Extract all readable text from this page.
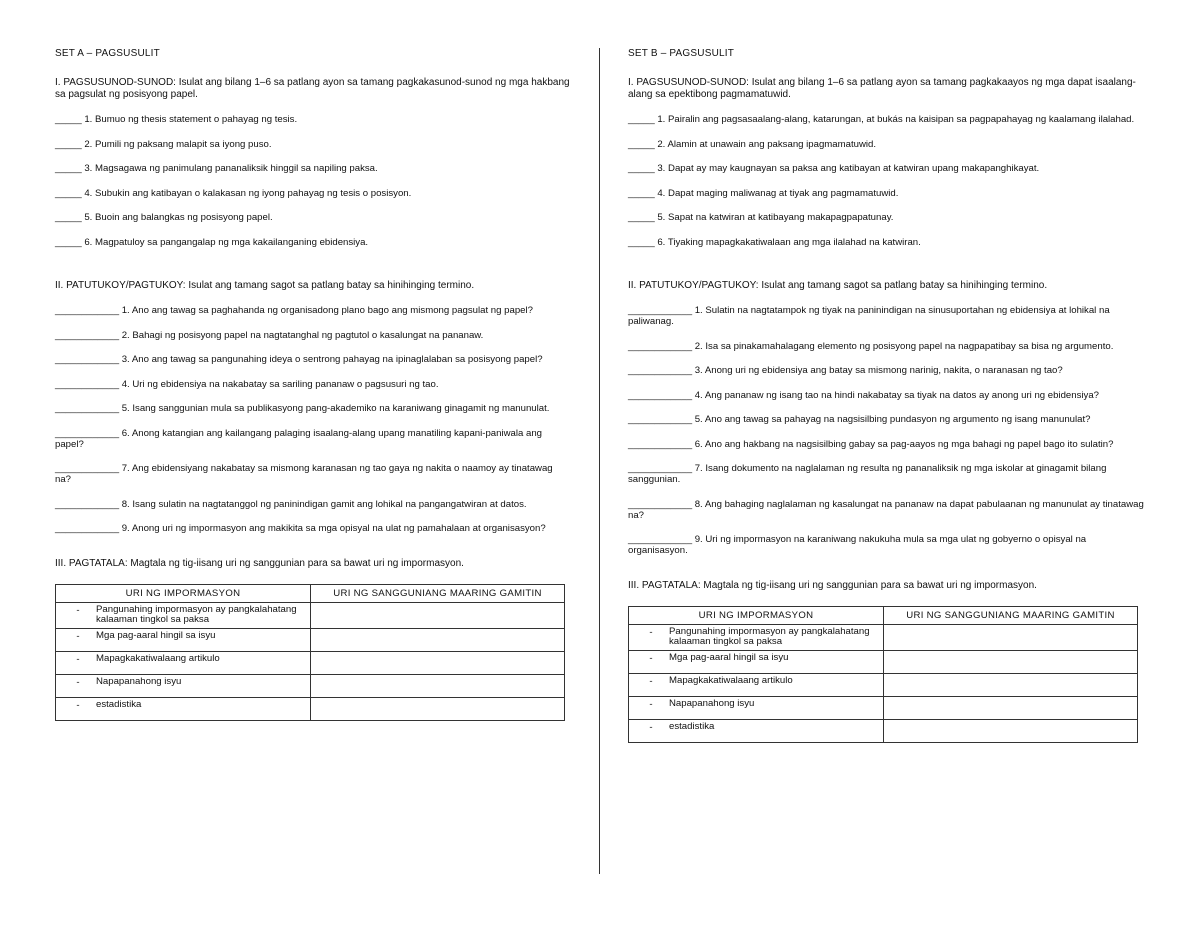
SET A – PAGSUSULIT
I. PAGSUSUNOD-SUNOD: Isulat ang bilang 1–6 sa patlang ayon sa tamang pagkakasunod-sunod ng mga hakbang sa pagsulat ng posisyong papel.
_____ 1. Bumuo ng thesis statement o pahayag ng tesis.
_____ 2. Pumili ng paksang malapit sa iyong puso.
_____ 3. Magsagawa ng panimulang pananaliksik hinggil sa napiling paksa.
_____ 4. Subukin ang katibayan o kalakasan ng iyong pahayag ng tesis o posisyon.
_____ 5. Buoin ang balangkas ng posisyong papel.
_____ 6. Magpatuloy sa pangangalap ng mga kakailanganing ebidensiya.
II. PATUTUKOY/PAGTUKOY: Isulat ang tamang sagot sa patlang batay sa hinihinging termino.
____________ 1. Ano ang tawag sa paghahanda ng organisadong plano bago ang mismong pagsulat ng papel?
____________ 2. Bahagi ng posisyong papel na nagtatanghal ng pagtutol o kasalungat na pananaw.
____________ 3. Ano ang tawag sa pangunahing ideya o sentrong pahayag na ipinaglalaban sa posisyong papel?
____________ 4. Uri ng ebidensiya na nakabatay sa sariling pananaw o pagsusuri ng tao.
____________ 5. Isang sanggunian mula sa publikasyong pang-akademiko na karaniwang ginagamit ng manunulat.
____________ 6. Anong katangian ang kailangang palaging isaalang-alang upang manatiling kapani-paniwala ang papel?
____________ 7. Ang ebidensiyang nakabatay sa mismong karanasan ng tao gaya ng nakita o naamoy ay tinatawag na?
____________ 8. Isang sulatin na nagtatanggol ng paninindigan gamit ang lohikal na pangangatwiran at datos.
____________ 9. Anong uri ng impormasyon ang makikita sa mga opisyal na ulat ng pamahalaan at organisasyon?
III. PAGTATALA: Magtala ng tig-iisang uri ng sanggunian para sa bawat uri ng impormasyon.
URI NG IMPORMASYON	URI NG SANGGUNIANG MAARING GAMITIN

- Pangunahing impormasyon ay pangkalahatang kalaaman tingkol sa paksa	

- Mga pag-aaral hingil sa isyu	

- Mapagkakatiwalaang artikulo	

- Napapanahong isyu	

- estadistika	

SET B – PAGSUSULIT
I. PAGSUSUNOD-SUNOD: Isulat ang bilang 1–6 sa patlang ayon sa tamang pagkakaayos ng mga dapat isaalang-alang sa epektibong pagmamatuwid.
_____ 1. Pairalin ang pagsasaalang-alang, katarungan, at bukás na kaisipan sa pagpapahayag ng kaalamang ilalahad.
_____ 2. Alamin at unawain ang paksang ipagmamatuwid.
_____ 3. Dapat ay may kaugnayan sa paksa ang katibayan at katwiran upang makapanghikayat.
_____ 4. Dapat maging maliwanag at tiyak ang pagmamatuwid.
_____ 5. Sapat na katwiran at katibayang makapagpapatunay.
_____ 6. Tiyaking mapagkakatiwalaan ang mga ilalahad na katwiran.
II. PATUTUKOY/PAGTUKOY: Isulat ang tamang sagot sa patlang batay sa hinihinging termino.
____________ 1. Sulatin na nagtatampok ng tiyak na paninindigan na sinusuportahan ng ebidensiya at lohikal na paliwanag.
____________ 2. Isa sa pinakamahalagang elemento ng posisyong papel na nagpapatibay sa bisa ng argumento.
____________ 3. Anong uri ng ebidensiya ang batay sa mismong narinig, nakita, o naranasan ng tao?
____________ 4. Ang pananaw ng isang tao na hindi nakabatay sa tiyak na datos ay anong uri ng ebidensiya?
____________ 5. Ano ang tawag sa pahayag na nagsisilbing pundasyon ng argumento ng isang manunulat?
____________ 6. Ano ang hakbang na nagsisilbing gabay sa pag-aayos ng mga bahagi ng papel bago ito sulatin?
____________ 7. Isang dokumento na naglalaman ng resulta ng pananaliksik ng mga iskolar at ginagamit bilang sanggunian.
____________ 8. Ang bahaging naglalaman ng kasalungat na pananaw na dapat pabulaanan ng manunulat ay tinatawag na?
____________ 9. Uri ng impormasyon na karaniwang nakukuha mula sa mga ulat ng gobyerno o opisyal na organisasyon.
III. PAGTATALA: Magtala ng tig-iisang uri ng sanggunian para sa bawat uri ng impormasyon.
URI NG IMPORMASYON	URI NG SANGGUNIANG MAARING GAMITIN

- Pangunahing impormasyon ay pangkalahatang kalaaman tingkol sa paksa	

- Mga pag-aaral hingil sa isyu	

- Mapagkakatiwalaang artikulo	

- Napapanahong isyu	

- estadistika	
